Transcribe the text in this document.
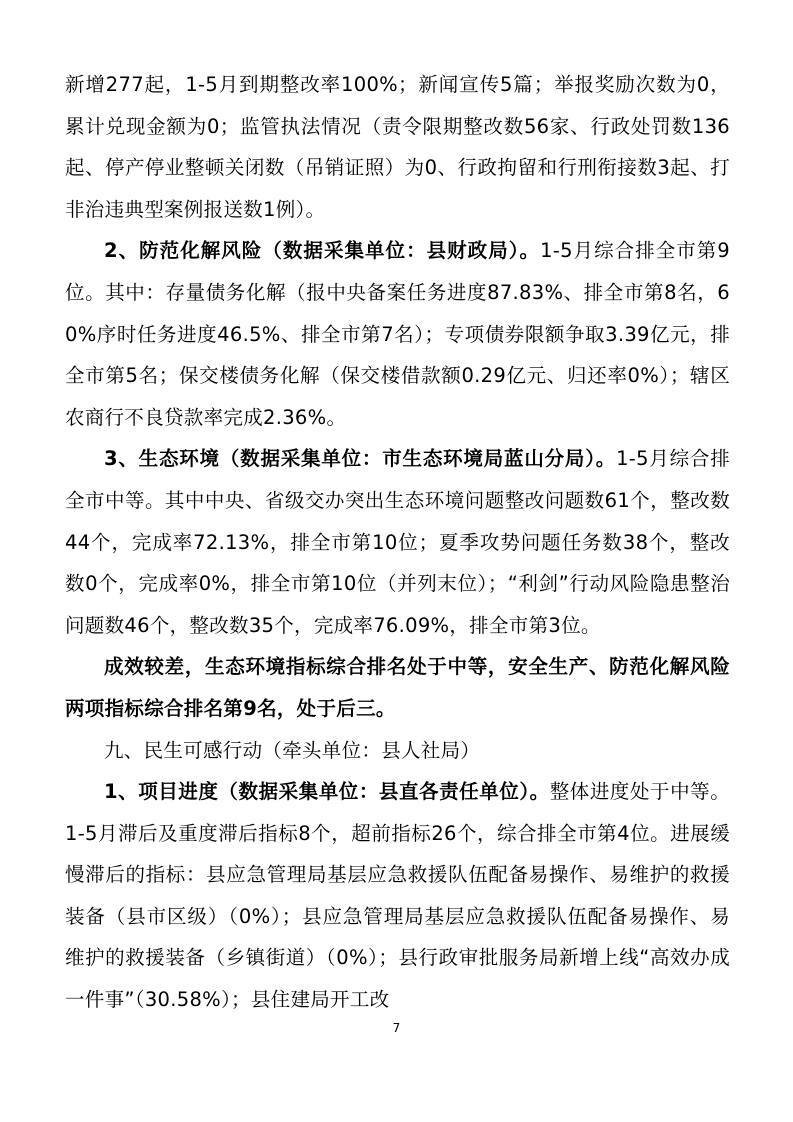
新增277起，1-5月到期整改率100%；新闻宣传5篇；举报奖励次数为0，累计兑现金额为0；监管执法情况（责令限期整改数56家、行政处罚数136起、停产停业整顿关闭数（吊销证照）为0、行政拘留和行刑衔接数3起、打非治违典型案例报送数1例）。

2、防范化解风险（数据采集单位：县财政局）。1-5月综合排全市第9位。其中：存量债务化解（报中央备案任务进度87.83%、排全市第8名，60%序时任务进度46.5%、排全市第7名）；专项债券限额争取3.39亿元，排全市第5名；保交楼债务化解（保交楼借款额0.29亿元、归还率0%）；辖区农商行不良贷款率完成2.36%。

3、生态环境（数据采集单位：市生态环境局蓝山分局）。1-5月综合排全市中等。其中中央、省级交办突出生态环境问题整改问题数61个，整改数44个，完成率72.13%，排全市第10位；夏季攻势问题任务数38个，整改数0个，完成率0%，排全市第10位（并列末位）；“利剑”行动风险隐患整治问题数46个，整改数35个，完成率76.09%，排全市第3位。

成效较差，生态环境指标综合排名处于中等，安全生产、防范化解风险两项指标综合排名第9名，处于后三。

九、民生可感行动（牵头单位：县人社局）

1、项目进度（数据采集单位：县直各责任单位）。整体进度处于中等。1-5月滞后及重度滞后指标8个，超前指标26个，综合排全市第4位。进展缓慢滞后的指标：县应急管理局基层应急救援队伍配备易操作、易维护的救援装备（县市区级）（0%）；县应急管理局基层应急救援队伍配备易操作、易维护的救援装备（乡镇街道）（0%）；县行政审批服务局新增上线“高效办成一件事”（30.58%）；县住建局开工改

7
